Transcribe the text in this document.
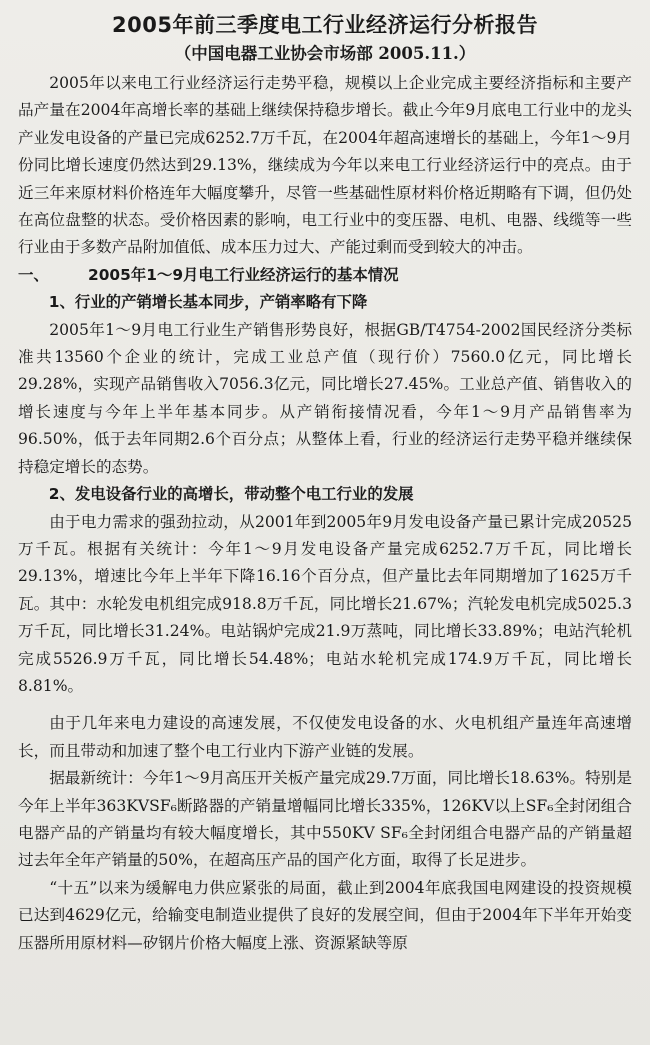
2005年前三季度电工行业经济运行分析报告
（中国电器工业协会市场部 2005.11.）

2005年以来电工行业经济运行走势平稳，规模以上企业完成主要经济指标和主要产品产量在2004年高增长率的基础上继续保持稳步增长。截止今年9月底电工行业中的龙头产业发电设备的产量已完成6252.7万千瓦，在2004年超高速增长的基础上，今年1～9月份同比增长速度仍然达到29.13%，继续成为今年以来电工行业经济运行中的亮点。由于近三年来原材料价格连年大幅度攀升，尽管一些基础性原材料价格近期略有下调，但仍处在高位盘整的状态。受价格因素的影响，电工行业中的变压器、电机、电器、线缆等一些行业由于多数产品附加值低、成本压力过大、产能过剩而受到较大的冲击。

一、	2005年1～9月电工行业经济运行的基本情况

1、行业的产销增长基本同步，产销率略有下降

2005年1～9月电工行业生产销售形势良好，根据GB/T4754-2002国民经济分类标准共13560个企业的统计，完成工业总产值（现行价）7560.0亿元，同比增长29.28%，实现产品销售收入7056.3亿元，同比增长27.45%。工业总产值、销售收入的增长速度与今年上半年基本同步。从产销衔接情况看，今年1～9月产品销售率为96.50%，低于去年同期2.6个百分点；从整体上看，行业的经济运行走势平稳并继续保持稳定增长的态势。

2、发电设备行业的高增长，带动整个电工行业的发展

由于电力需求的强劲拉动，从2001年到2005年9月发电设备产量已累计完成20525万千瓦。根据有关统计：今年1～9月发电设备产量完成6252.7万千瓦，同比增长29.13%，增速比今年上半年下降16.16个百分点，但产量比去年同期增加了1625万千瓦。其中：水轮发电机组完成918.8万千瓦，同比增长21.67%；汽轮发电机完成5025.3万千瓦，同比增长31.24%。电站锅炉完成21.9万蒸吨，同比增长33.89%；电站汽轮机完成5526.9万千瓦，同比增长54.48%；电站水轮机完成174.9万千瓦，同比增长8.81%。

由于几年来电力建设的高速发展，不仅使发电设备的水、火电机组产量连年高速增长，而且带动和加速了整个电工行业内下游产业链的发展。

据最新统计：今年1～9月高压开关板产量完成29.7万面，同比增长18.63%。特别是今年上半年363KVSF₆断路器的产销量增幅同比增长335%，126KV以上SF₆全封闭组合电器产品的产销量均有较大幅度增长，其中550KV SF₆全封闭组合电器产品的产销量超过去年全年产销量的50%，在超高压产品的国产化方面，取得了长足进步。

“十五”以来为缓解电力供应紧张的局面，截止到2004年底我国电网建设的投资规模已达到4629亿元，给输变电制造业提供了良好的发展空间，但由于2004年下半年开始变压器所用原材料—矽钢片价格大幅度上涨、资源紧缺等原
